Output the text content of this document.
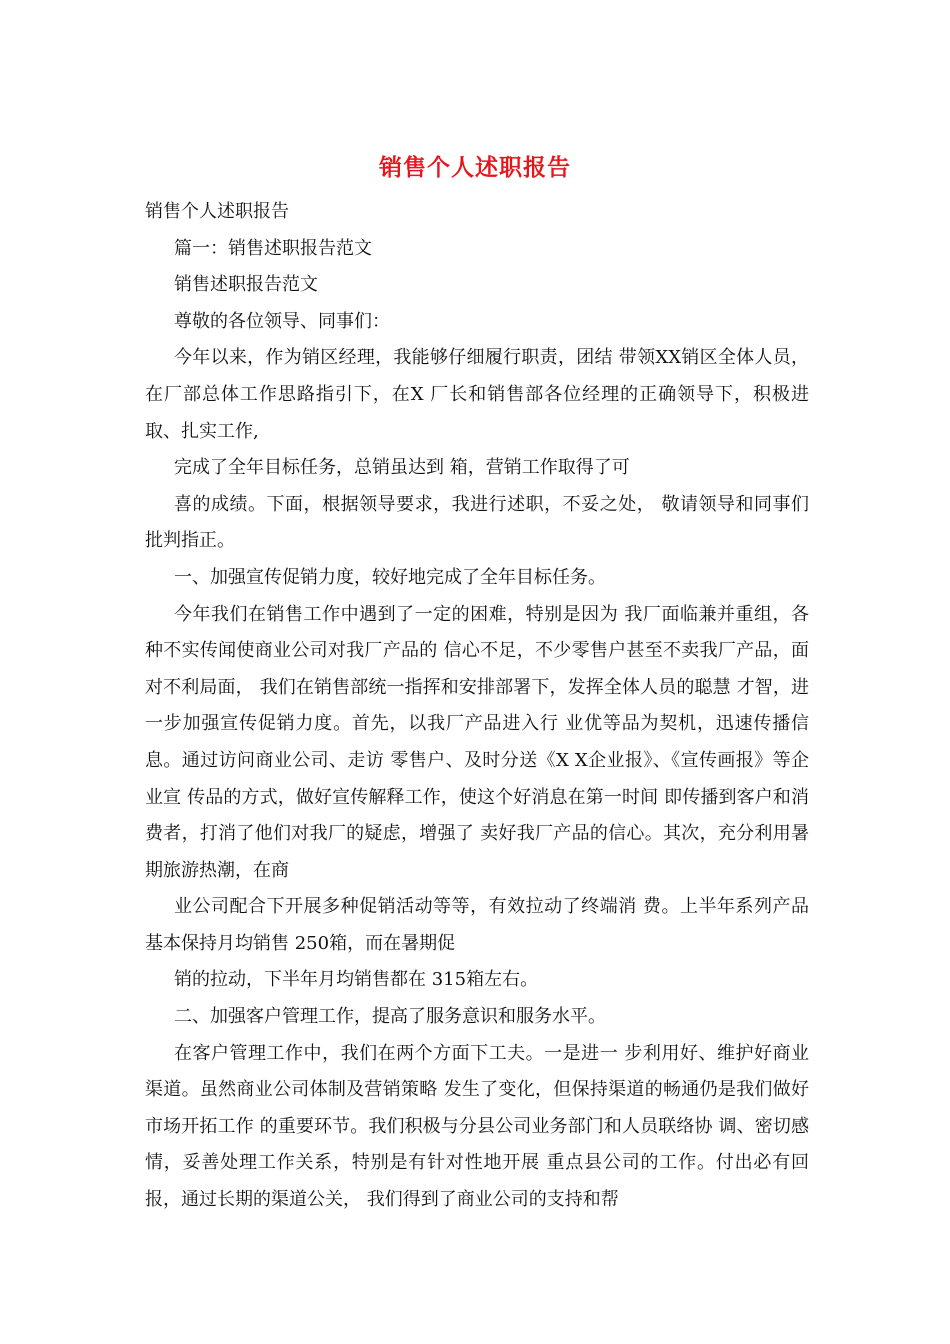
销售个人述职报告

销售个人述职报告

篇一：销售述职报告范文

销售述职报告范文

尊敬的各位领导、同事们：

今年以来，作为销区经理，我能够仔细履行职责，团结 带领XX销区全体人员，在厂部总体工作思路指引下，在X 厂长和销售部各位经理的正确领导下，积极进取、扎实工作,

完成了全年目标任务，总销虽达到 箱，营销工作取得了可

喜的成绩。下面，根据领导要求，我进行述职，不妥之处， 敬请领导和同事们批判指正。

一、加强宣传促销力度，较好地完成了全年目标任务。

今年我们在销售工作中遇到了一定的困难，特别是因为 我厂面临兼并重组，各种不实传闻使商业公司对我厂产品的 信心不足，不少零售户甚至不卖我厂产品，面对不利局面， 我们在销售部统一指挥和安排部署下，发挥全体人员的聪慧 才智，进一步加强宣传促销力度。首先，以我厂产品进入行 业优等品为契机，迅速传播信息。通过访问商业公司、走访 零售户、及时分送《X X企业报》、《宣传画报》等企业宣 传品的方式，做好宣传解释工作，使这个好消息在第一时间 即传播到客户和消费者，打消了他们对我厂的疑虑，增强了 卖好我厂产品的信心。其次，充分利用暑期旅游热潮，在商

业公司配合下开展多种促销活动等等，有效拉动了终端消 费。上半年系列产品基本保持月均销售 250箱，而在暑期促

销的拉动，下半年月均销售都在 315箱左右。

二、加强客户管理工作，提高了服务意识和服务水平。

在客户管理工作中，我们在两个方面下工夫。一是进一 步利用好、维护好商业渠道。虽然商业公司体制及营销策略 发生了变化，但保持渠道的畅通仍是我们做好市场开拓工作 的重要环节。我们积极与分县公司业务部门和人员联络协 调、密切感情，妥善处理工作关系，特别是有针对性地开展 重点县公司的工作。付出必有回报，通过长期的渠道公关， 我们得到了商业公司的支持和帮
